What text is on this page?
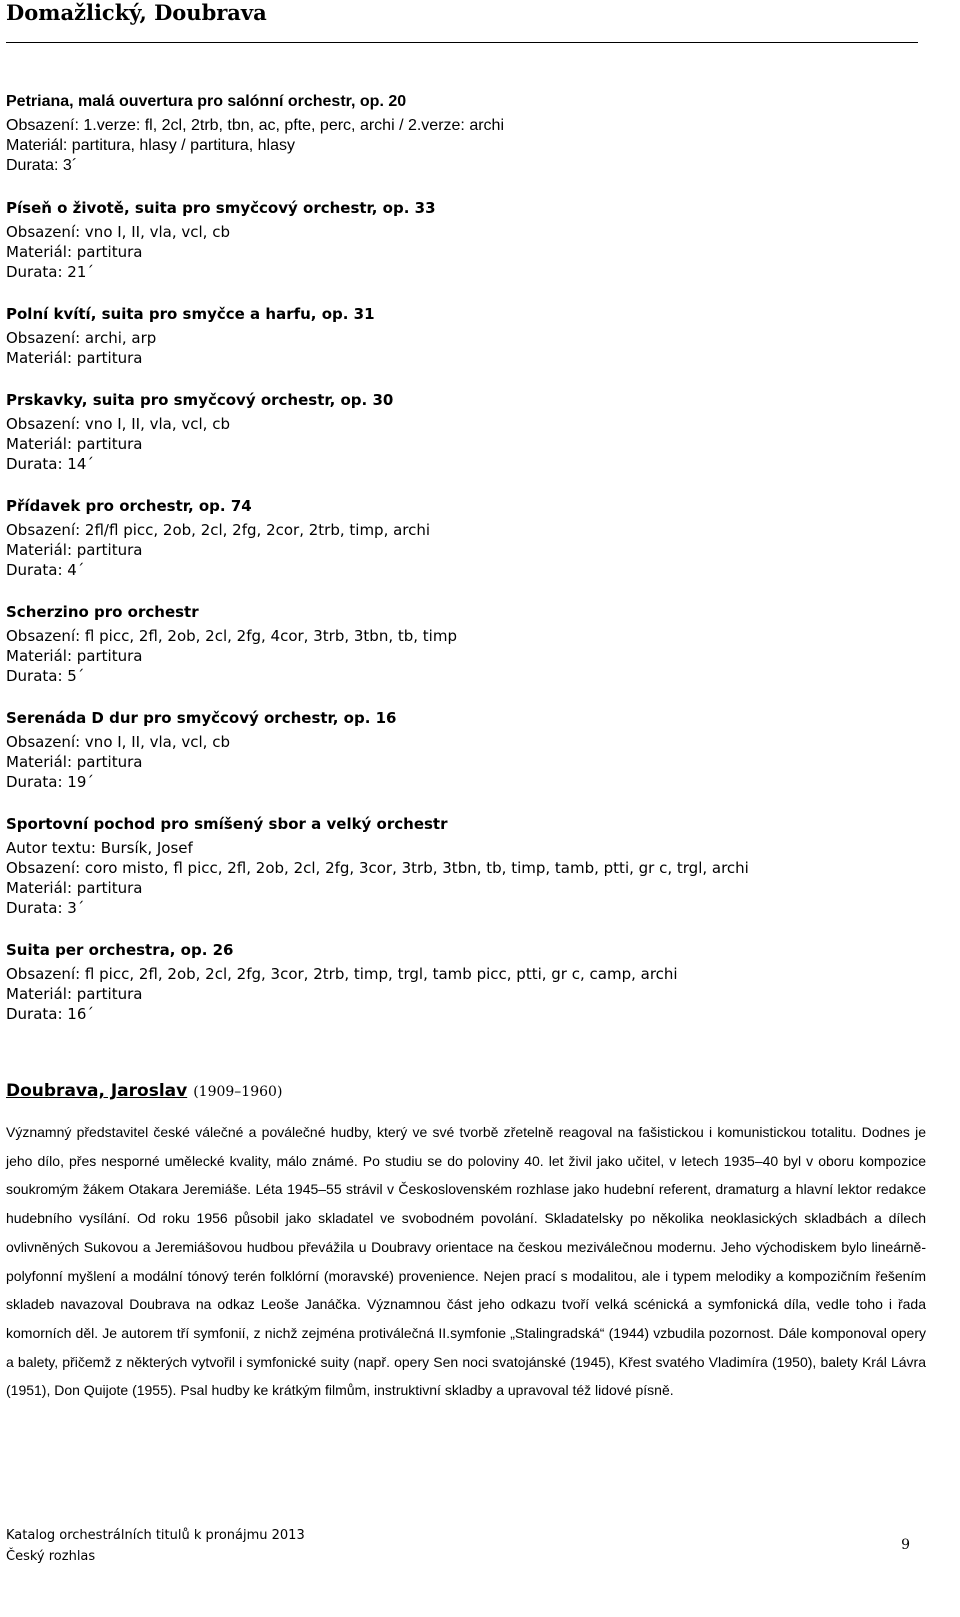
Domažlický, Doubrava
Petriana, malá ouvertura pro salónní orchestr, op. 20
Obsazení: 1.verze: fl, 2cl, 2trb, tbn, ac, pfte, perc, archi / 2.verze: archi
Materiál: partitura, hlasy / partitura, hlasy
Durata: 3´
Píseň o životě, suita pro smyčcový orchestr, op. 33
Obsazení: vno I, II, vla, vcl, cb
Materiál: partitura
Durata: 21´
Polní kvítí, suita pro smyčce a harfu, op. 31
Obsazení: archi, arp
Materiál: partitura
Prskavky, suita pro smyčcový orchestr, op. 30
Obsazení: vno I, II, vla, vcl, cb
Materiál: partitura
Durata: 14´
Přídavek pro orchestr, op. 74
Obsazení: 2fl/fl picc, 2ob, 2cl, 2fg, 2cor, 2trb, timp, archi
Materiál: partitura
Durata: 4´
Scherzino pro orchestr
Obsazení: fl picc, 2fl, 2ob, 2cl, 2fg, 4cor, 3trb, 3tbn, tb, timp
Materiál: partitura
Durata: 5´
Serenáda D dur pro smyčcový orchestr, op. 16
Obsazení: vno I, II, vla, vcl, cb
Materiál: partitura
Durata: 19´
Sportovní pochod pro smíšený sbor a velký orchestr
Autor textu: Bursík, Josef
Obsazení: coro misto, fl picc, 2fl, 2ob, 2cl, 2fg, 3cor, 3trb, 3tbn, tb, timp, tamb, ptti, gr c, trgl, archi
Materiál: partitura
Durata: 3´
Suita per orchestra, op. 26
Obsazení: fl picc, 2fl, 2ob, 2cl, 2fg, 3cor, 2trb, timp, trgl, tamb picc, ptti, gr c, camp, archi
Materiál: partitura
Durata: 16´
Doubrava, Jaroslav (1909–1960)
Významný představitel české válečné a poválečné hudby, který ve své tvorbě zřetelně reagoval na fašistickou i komunistickou totalitu. Dodnes je jeho dílo, přes nesporné umělecké kvality, málo známé. Po studiu se do poloviny 40. let živil jako učitel, v letech 1935–40 byl v oboru kompozice soukromým žákem Otakara Jeremiáše. Léta 1945–55 strávil v Československém rozhlase jako hudební referent, dramaturg a hlavní lektor redakce hudebního vysílání. Od roku 1956 působil jako skladatel ve svobodném povolání. Skladatelsky po několika neoklasických skladbách a dílech ovlivněných Sukovou a Jeremiášovou hudbou převážila u Doubravy orientace na českou meziválečnou modernu. Jeho východiskem bylo lineárně-polyfonní myšlení a modální tónový terén folklórní (moravské) provenience. Nejen prací s modalitou, ale i typem melodiky a kompozičním řešením skladeb navazoval Doubrava na odkaz Leoše Janáčka. Významnou část jeho odkazu tvoří velká scénická a symfonická díla, vedle toho i řada komorních děl. Je autorem tří symfonií, z nichž zejména protiválečná II.symfonie „Stalingradská“ (1944) vzbudila pozornost. Dále komponoval opery a balety, přičemž z některých vytvořil i symfonické suity (např. opery Sen noci svatojánské (1945), Křest svatého Vladimíra (1950), balety Král Lávra (1951), Don Quijote (1955). Psal hudby ke krátkým filmům, instruktivní skladby a upravoval též lidové písně.
Katalog orchestrálních titulů k pronájmu 2013
Český rozhlas
9
